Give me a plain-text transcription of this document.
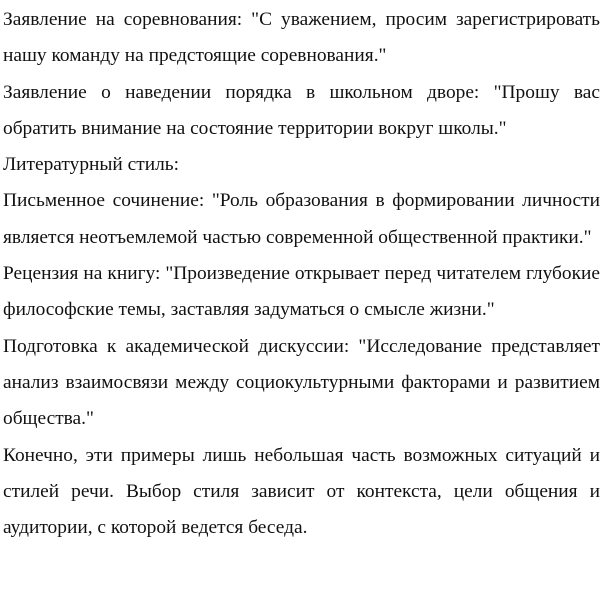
Заявление на соревнования: "С уважением, просим зарегистрировать нашу команду на предстоящие соревнования."

Заявление о наведении порядка в школьном дворе: "Прошу вас обратить внимание на состояние территории вокруг школы."

Литературный стиль:

Письменное сочинение: "Роль образования в формировании личности является неотъемлемой частью современной общественной практики."

Рецензия на книгу: "Произведение открывает перед читателем глубокие философские темы, заставляя задуматься о смысле жизни."

Подготовка к академической дискуссии: "Исследование представляет анализ взаимосвязи между социокультурными факторами и развитием общества."

Конечно, эти примеры лишь небольшая часть возможных ситуаций и стилей речи. Выбор стиля зависит от контекста, цели общения и аудитории, с которой ведется беседа.
